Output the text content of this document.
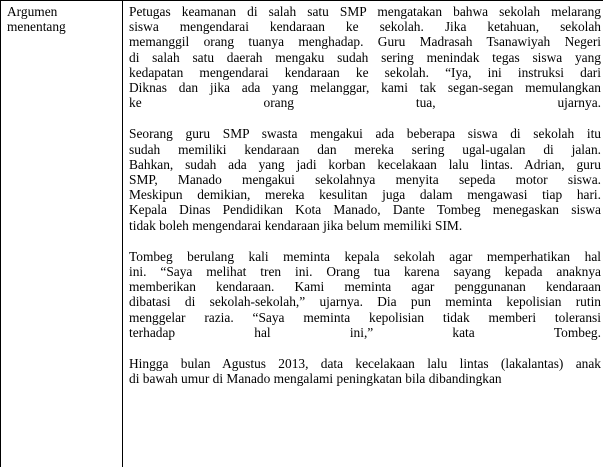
Argumen
menentang

Petugas keamanan di salah satu SMP mengatakan bahwa sekolah melarang
siswa mengendarai kendaraan ke sekolah. Jika ketahuan, sekolah
memanggil orang tuanya menghadap. Guru Madrasah Tsanawiyah Negeri
di salah satu daerah mengaku sudah sering menindak tegas siswa yang
kedapatan mengendarai kendaraan ke sekolah. “Iya, ini instruksi dari
Diknas dan jika ada yang melanggar, kami tak segan-segan memulangkan
ke	orang	tua,	ujarnya.

Seorang guru SMP swasta mengakui ada beberapa siswa di sekolah itu
sudah memiliki kendaraan dan mereka sering ugal-ugalan di jalan.
Bahkan, sudah ada yang jadi korban kecelakaan lalu lintas. Adrian, guru
SMP, Manado mengakui sekolahnya menyita sepeda motor siswa.
Meskipun demikian, mereka kesulitan juga dalam mengawasi tiap hari.
Kepala Dinas Pendidikan Kota Manado, Dante Tombeg menegaskan siswa
tidak boleh mengendarai kendaraan jika belum memiliki SIM.

Tombeg berulang kali meminta kepala sekolah agar memperhatikan hal
ini. “Saya melihat tren ini. Orang tua karena sayang kepada anaknya
memberikan kendaraan. Kami meminta agar penggunanan kendaraan
dibatasi di sekolah-sekolah,” ujarnya. Dia pun meminta kepolisian rutin
menggelar razia. “Saya meminta kepolisian tidak memberi toleransi
terhadap	hal	ini,”	kata	Tombeg.

Hingga bulan Agustus 2013, data kecelakaan lalu lintas (lakalantas) anak
di bawah umur di Manado mengalami peningkatan bila dibandingkan
